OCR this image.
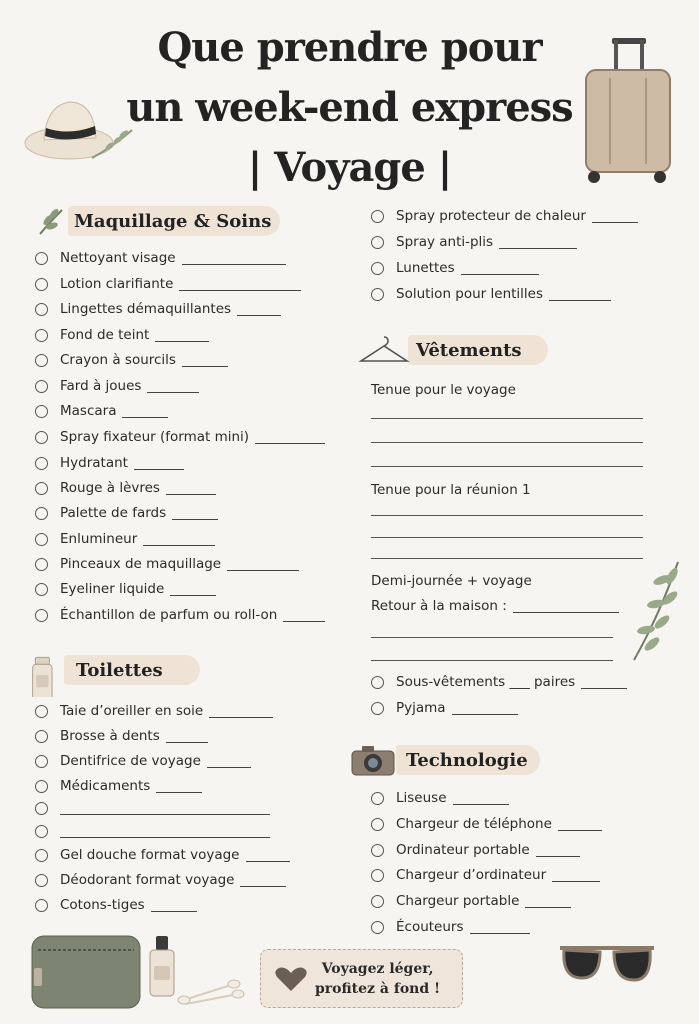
Que prendre pour
un week-end express
| Voyage |
Maquillage & Soins
Nettoyant visage
Lotion clarifiante
Lingettes démaquillantes
Fond de teint
Crayon à sourcils
Fard à joues
Mascara
Spray fixateur (format mini)
Hydratant
Rouge à lèvres
Palette de fards
Enlumineur
Pinceaux de maquillage
Eyeliner liquide
Échantillon de parfum ou roll-on
Toilettes
Taie d’oreiller en soie
Brosse à dents
Dentifrice de voyage
Médicaments
Gel douche format voyage
Déodorant format voyage
Cotons-tiges
Spray protecteur de chaleur
Spray anti-plis
Lunettes
Solution pour lentilles
Vêtements
Tenue pour le voyage
Tenue pour la réunion 1
Demi-journée + voyage
Retour à la maison :
Sous-vêtements ___ paires
Pyjama
Technologie
Liseuse
Chargeur de téléphone
Ordinateur portable
Chargeur d’ordinateur
Chargeur portable
Écouteurs
Voyagez léger,
profitez à fond !
